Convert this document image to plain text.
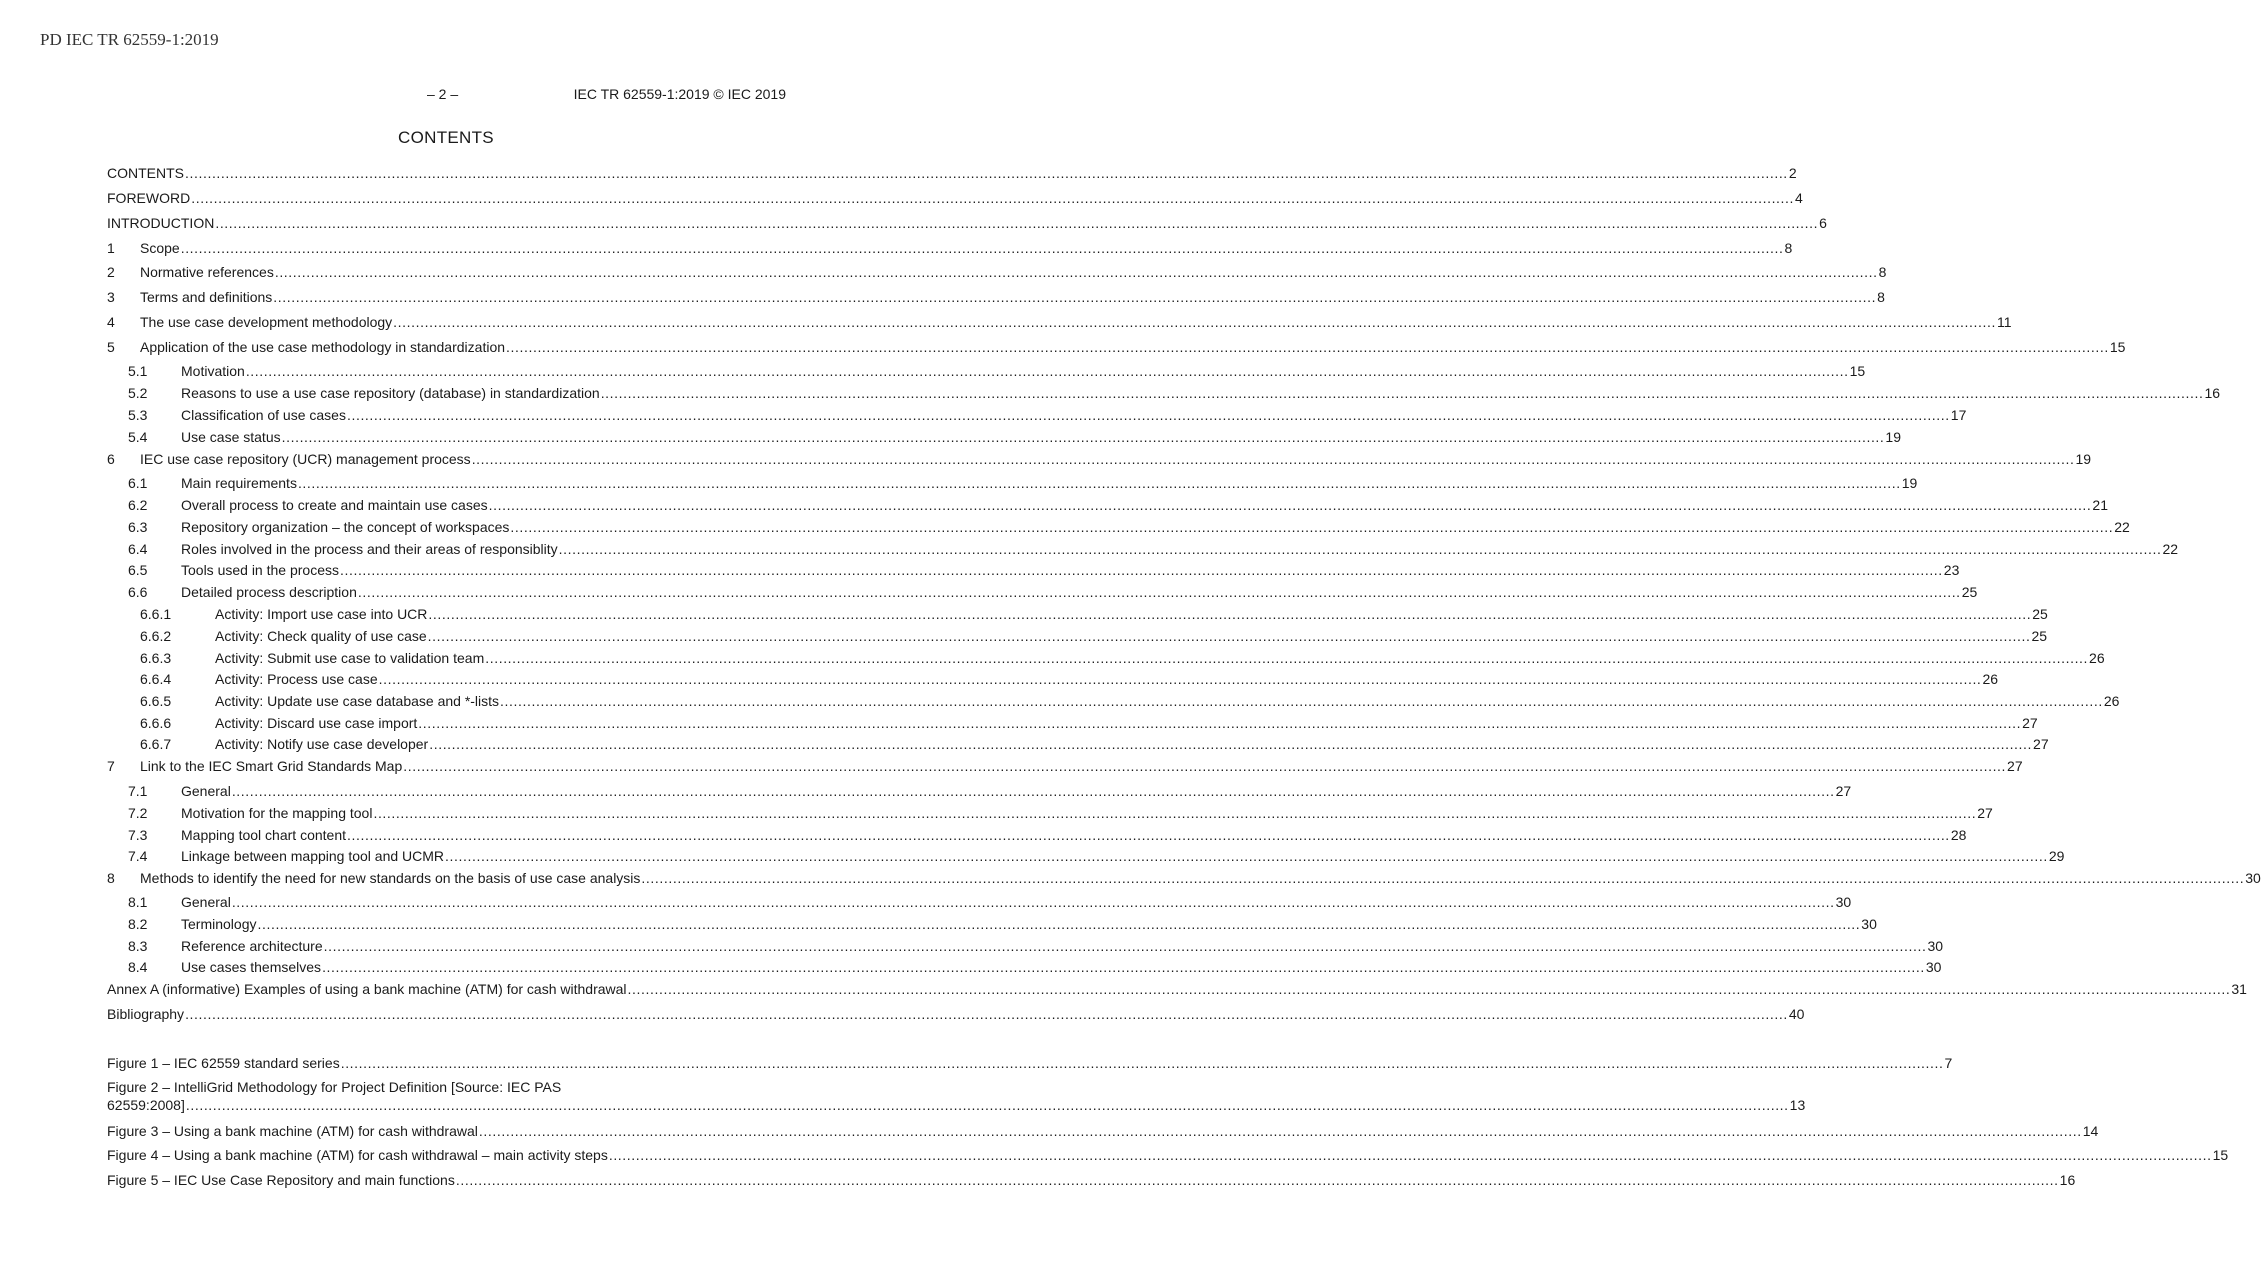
PD IEC TR 62559-1:2019
– 2 –	IEC TR 62559-1:2019 © IEC 2019
CONTENTS
CONTENTS .....	2
FOREWORD .....	4
INTRODUCTION .....	6
1	Scope .....	8
2	Normative references .....	8
3	Terms and definitions .....	8
4	The use case development methodology .....	11
5	Application of the use case methodology in standardization .....	15
5.1	Motivation .....	15
5.2	Reasons to use a use case repository (database) in standardization .....	16
5.3	Classification of use cases .....	17
5.4	Use case status .....	19
6	IEC use case repository (UCR) management process .....	19
6.1	Main requirements .....	19
6.2	Overall process to create and maintain use cases .....	21
6.3	Repository organization – the concept of workspaces .....	22
6.4	Roles involved in the process and their areas of responsiblity .....	22
6.5	Tools used in the process .....	23
6.6	Detailed process description .....	25
6.6.1	Activity: Import use case into UCR .....	25
6.6.2	Activity: Check quality of use case .....	25
6.6.3	Activity: Submit use case to validation team .....	26
6.6.4	Activity: Process use case .....	26
6.6.5	Activity: Update use case database and *-lists .....	26
6.6.6	Activity: Discard use case import .....	27
6.6.7	Activity: Notify use case developer .....	27
7	Link to the IEC Smart Grid Standards Map .....	27
7.1	General .....	27
7.2	Motivation for the mapping tool .....	27
7.3	Mapping tool chart content .....	28
7.4	Linkage between mapping tool and UCMR .....	29
8	Methods to identify the need for new standards on the basis of use case analysis .....	30
8.1	General .....	30
8.2	Terminology .....	30
8.3	Reference architecture .....	30
8.4	Use cases themselves .....	30
Annex A (informative) Examples of using a bank machine (ATM) for cash withdrawal .....	31
Bibliography .....	40
Figure 1 – IEC 62559 standard series .....	7
Figure 2 – IntelliGrid Methodology for Project Definition [Source: IEC PAS
62559:2008] .....	13
Figure 3 – Using a bank machine (ATM) for cash withdrawal .....	14
Figure 4 – Using a bank machine (ATM) for cash withdrawal – main activity steps .....	15
Figure 5 – IEC Use Case Repository and main functions .....	16
